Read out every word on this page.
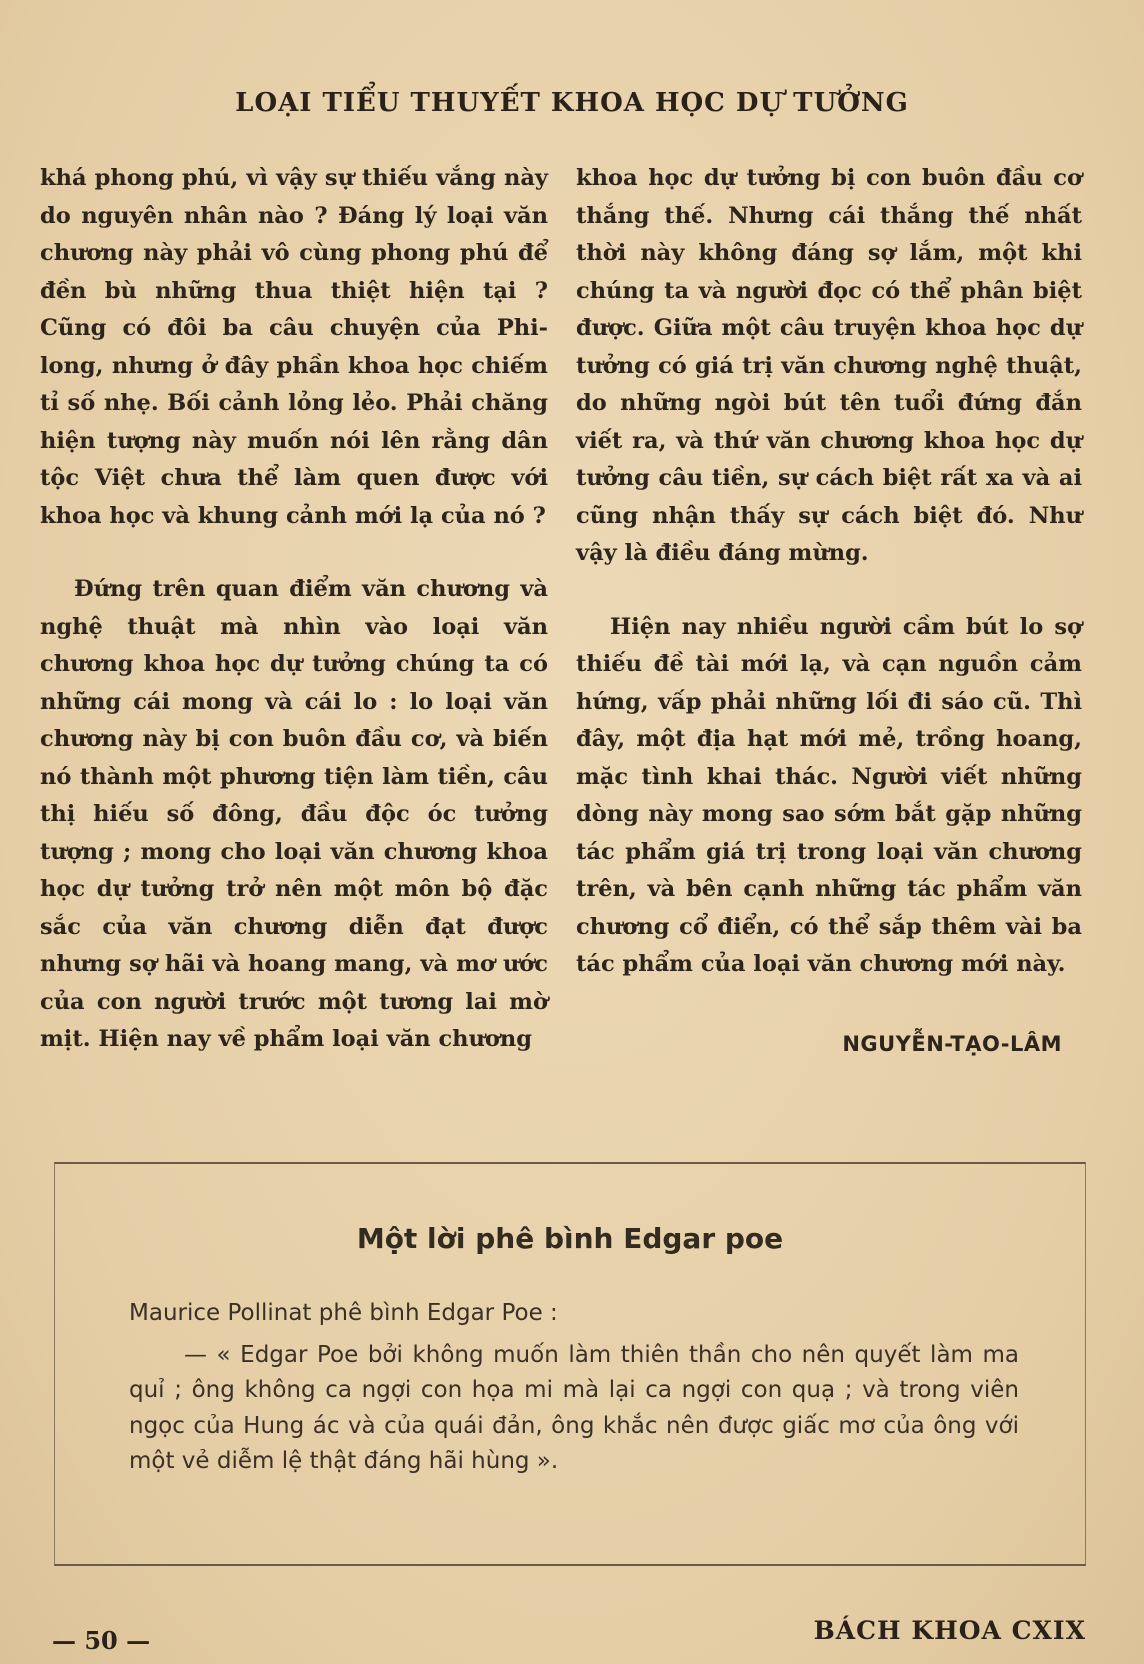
LOẠI TIỂU THUYẾT KHOA HỌC DỰ TƯỞNG

khá phong phú, vì vậy sự thiếu vắng này do nguyên nhân nào ? Đáng lý loại văn chương này phải vô cùng phong phú để đền bù những thua thiệt hiện tại ? Cũng có đôi ba câu chuyện của Phi-long, nhưng ở đây phần khoa học chiếm tỉ số nhẹ. Bối cảnh lỏng lẻo. Phải chăng hiện tượng này muốn nói lên rằng dân tộc Việt chưa thể làm quen được với khoa học và khung cảnh mới lạ của nó ?

Đứng trên quan điểm văn chương và nghệ thuật mà nhìn vào loại văn chương khoa học dự tưởng chúng ta có những cái mong và cái lo : lo loại văn chương này bị con buôn đầu cơ, và biến nó thành một phương tiện làm tiền, câu thị hiếu số đông, đầu độc óc tưởng tượng ; mong cho loại văn chương khoa học dự tưởng trở nên một môn bộ đặc sắc của văn chương diễn đạt được nhưng sợ hãi và hoang mang, và mơ ước của con người trước một tương lai mờ mịt. Hiện nay về phẩm loại văn chương

khoa học dự tưởng bị con buôn đầu cơ thắng thế. Nhưng cái thắng thế nhất thời này không đáng sợ lắm, một khi chúng ta và người đọc có thể phân biệt được. Giữa một câu truyện khoa học dự tưởng có giá trị văn chương nghệ thuật, do những ngòi bút tên tuổi đứng đắn viết ra, và thứ văn chương khoa học dự tưởng câu tiền, sự cách biệt rất xa và ai cũng nhận thấy sự cách biệt đó. Như vậy là điều đáng mừng.

Hiện nay nhiều người cầm bút lo sợ thiếu đề tài mới lạ, và cạn nguồn cảm hứng, vấp phải những lối đi sáo cũ. Thì đây, một địa hạt mới mẻ, trồng hoang, mặc tình khai thác. Người viết những dòng này mong sao sớm bắt gặp những tác phẩm giá trị trong loại văn chương trên, và bên cạnh những tác phẩm văn chương cổ điển, có thể sắp thêm vài ba tác phẩm của loại văn chương mới này.

NGUYỄN-TẠO-LÂM

Một lời phê bình Edgar poe

Maurice Pollinat phê bình Edgar Poe :

— « Edgar Poe bởi không muốn làm thiên thần cho nên quyết làm ma quỉ ; ông không ca ngợi con họa mi mà lại ca ngợi con quạ ; và trong viên ngọc của Hung ác và của quái đản, ông khắc nên được giấc mơ của ông với một vẻ diễm lệ thật đáng hãi hùng ».

— 50 —	BÁCH KHOA CXIX
